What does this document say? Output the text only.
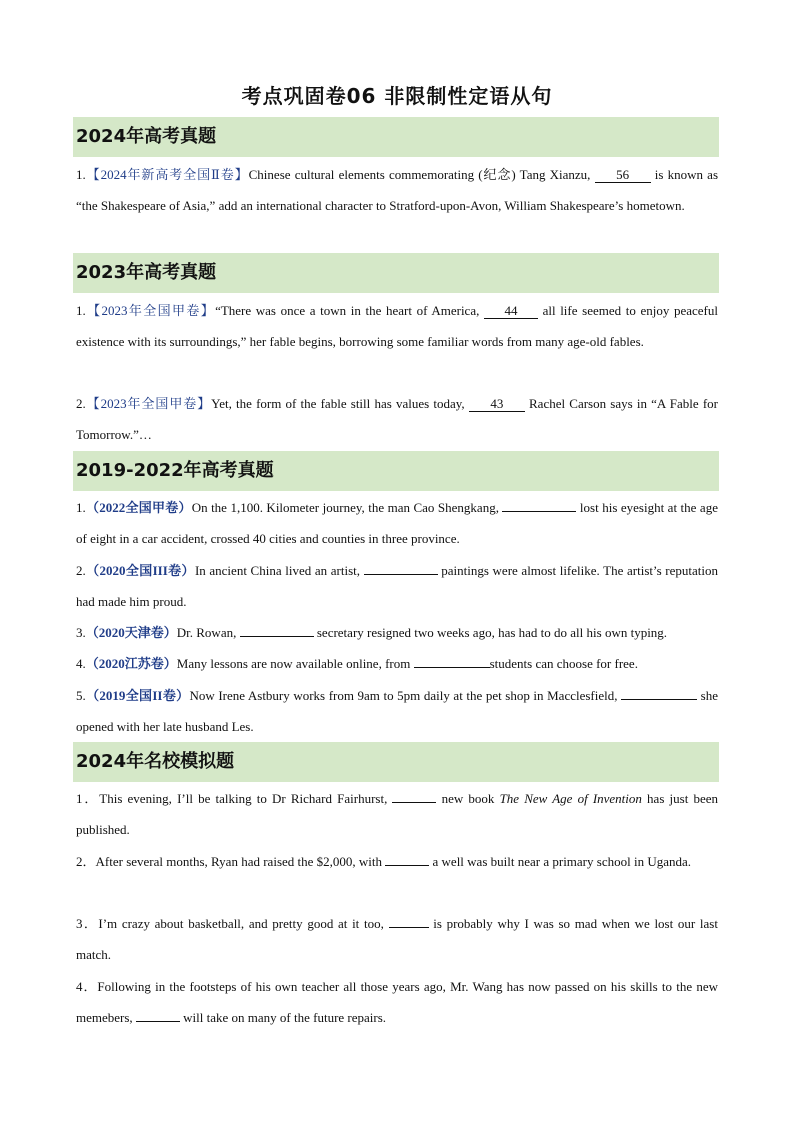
考点巩固卷06 非限制性定语从句
2024年高考真题
1.【2024年新高考全国Ⅱ卷】Chinese cultural elements commemorating (纪念) Tang Xianzu, 56 is known as “the Shakespeare of Asia,” add an international character to Stratford-upon-Avon, William Shakespeare’s hometown.
2023年高考真题
1.【2023年全国甲卷】“There was once a town in the heart of America, 44 all life seemed to enjoy peaceful existence with its surroundings,” her fable begins, borrowing some familiar words from many age-old fables.
2.【2023年全国甲卷】Yet, the form of the fable still has values today, 43 Rachel Carson says in “A Fable for Tomorrow.”…
2019-2022年高考真题
1.（2022全国甲卷）On the 1,100. Kilometer journey, the man Cao Shengkang,	lost his eyesight at the age of eight in a car accident, crossed 40 cities and counties in three province.
2.（2020全国III卷）In ancient China lived an artist,	paintings were almost lifelike. The artist’s reputation had made him proud.
3.（2020天津卷）Dr. Rowan,	secretary resigned two weeks ago, has had to do all his own typing.
4.（2020江苏卷）Many lessons are now available online, from	students can choose for free.
5.（2019全国II卷）Now Irene Astbury works from 9am to 5pm daily at the pet shop in Macclesfield,	she opened with her late husband Les.
2024年名校模拟题
1．This evening, I’ll be talking to Dr Richard Fairhurst,	new book The New Age of Invention has just been published.
2．After several months, Ryan had raised the $2,000, with	a well was built near a primary school in Uganda.
3．I’m crazy about basketball, and pretty good at it too,	is probably why I was so mad when we lost our last match.
4．Following in the footsteps of his own teacher all those years ago, Mr. Wang has now passed on his skills to the new memebers,	will take on many of the future repairs.
